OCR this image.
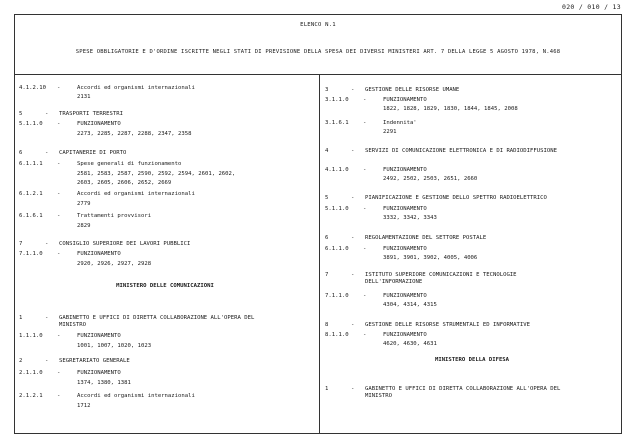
020 / 010 / 13
ELENCO N.1
SPESE OBBLIGATORIE E D'ORDINE ISCRITTE NEGLI STATI DI PREVISIONE DELLA SPESA DEI DIVERSI MINISTERI ART. 7 DELLA LEGGE 5 AGOSTO 1978, N.468
4.1.2.10 -	Accordi ed organismi internazionali
2131
5	- TRASPORTI TERRESTRI
5.1.1.0	-	FUNZIONAMENTO
2273, 2285, 2287, 2288, 2347, 2358
6	- CAPITANERIE DI PORTO
6.1.1.1	-	Spese generali di funzionamento
2581, 2583, 2587, 2590, 2592, 2594, 2601, 2602,
2603, 2605, 2606, 2652, 2669
6.1.2.1	-	Accordi ed organismi internazionali
2779
6.1.6.1	-	Trattamenti provvisori
2829
7	- CONSIGLIO SUPERIORE DEI LAVORI PUBBLICI
7.1.1.0	-	FUNZIONAMENTO
2920, 2926, 2927, 2928
MINISTERO DELLE COMUNICAZIONI
1	- GABINETTO E UFFICI DI DIRETTA COLLABORAZIONE ALL'OPERA DEL
MINISTRO
1.1.1.0	-	FUNZIONAMENTO
1001, 1007, 1020, 1023
2	- SEGRETARIATO GENERALE
2.1.1.0	-	FUNZIONAMENTO
1374, 1380, 1381
2.1.2.1	-	Accordi ed organismi internazionali
1712
3	- GESTIONE DELLE RISORSE UMANE
3.1.1.0	-	FUNZIONAMENTO
1822, 1828, 1829, 1830, 1844, 1845, 2008
3.1.6.1	-	Indennita'
2291
4	- SERVIZI DI COMUNICAZIONE ELETTRONICA E DI RADIODIFFUSIONE
4.1.1.0	-	FUNZIONAMENTO
2492, 2502, 2503, 2651, 2660
5	- PIANIFICAZIONE E GESTIONE DELLO SPETTRO RADIOELETTRICO
5.1.1.0	-	FUNZIONAMENTO
3332, 3342, 3343
6	- REGOLAMENTAZIONE DEL SETTORE POSTALE
6.1.1.0	-	FUNZIONAMENTO
3891, 3901, 3902, 4005, 4006
7	- ISTITUTO SUPERIORE COMUNICAZIONI E TECNOLOGIE
DELL'INFORMAZIONE
7.1.1.0	-	FUNZIONAMENTO
4304, 4314, 4315
8	- GESTIONE DELLE RISORSE STRUMENTALI ED INFORMATIVE
8.1.1.0	-	FUNZIONAMENTO
4620, 4630, 4631
MINISTERO DELLA DIFESA
1	- GABINETTO E UFFICI DI DIRETTA COLLABORAZIONE ALL'OPERA DEL
MINISTRO
